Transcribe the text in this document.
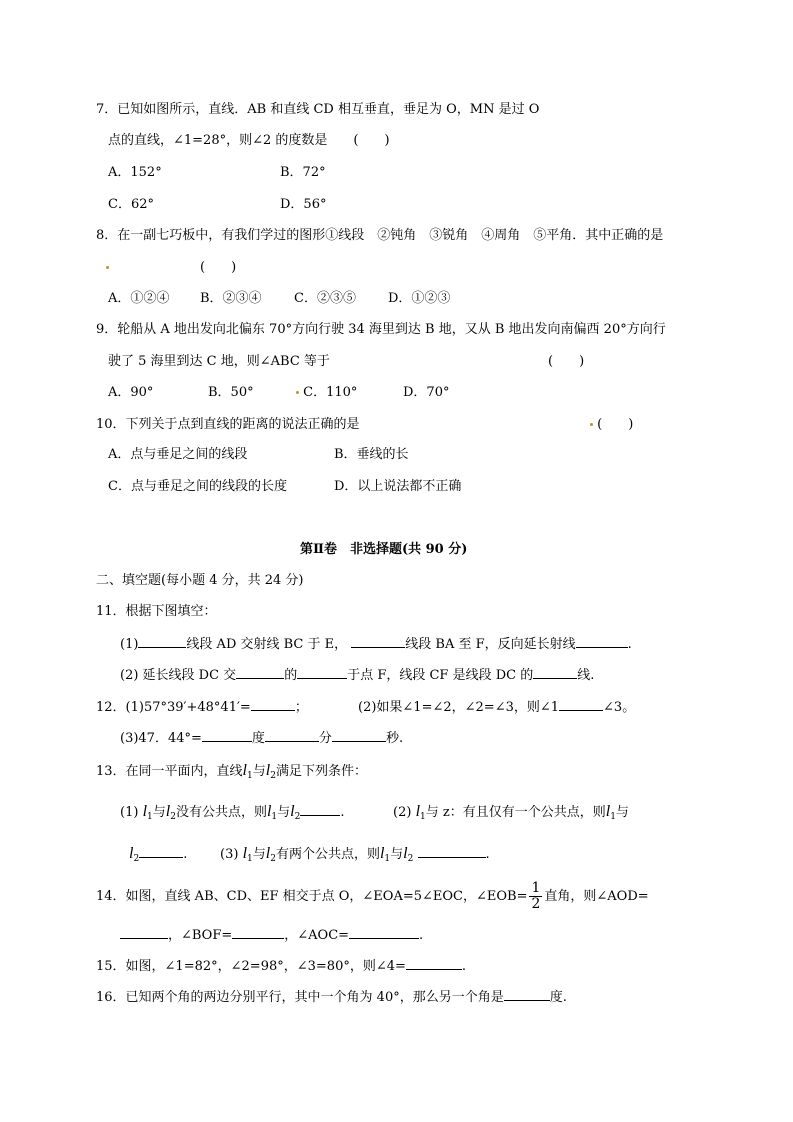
7．已知如图所示，直线．AB 和直线 CD 相互垂直，垂足为 O，MN 是过 O
点的直线，∠1=28°，则∠2 的度数是　　(　　)
A．152°	B．72°
C．62°	D．56°
8．在一副七巧板中，有我们学过的图形①线段　②钝角　③锐角　④周角　⑤平角．其中正确的是
(　　)
A．①②④ B．②③④ C．②③⑤ D．①②③
9．轮船从 A 地出发向北偏东 70°方向行驶 34 海里到达 B 地，又从 B 地出发向南偏西 20°方向行
驶了 5 海里到达 C 地，则∠ABC 等于	(　　)
A．90°	B．50°	C．110°	D．70°
10．下列关于点到直线的距离的说法正确的是	(　　)
A．点与垂足之间的线段	B．垂线的长
C．点与垂足之间的线段的长度	D．以上说法都不正确
第Ⅱ卷　非选择题(共 90 分)
二、填空题(每小题 4 分，共 24 分)
11．根据下图填空：
(1)	线段 AD 交射线 BC 于 E，	线段 BA 至 F，反向延长射线	.
(2) 延长线段 DC 交	的	于点 F，线段 CF 是线段 DC 的	线.
12．(1)57°39′+48°41′=	；	(2)如果∠1=∠2，∠2=∠3，则∠1	∠3。
(3)47．44°=	度	分	秒.
13．在同一平面内，直线$l_1$与$l_2$满足下列条件：
(1) $l_1$与$l_2$没有公共点，则$l_1$与$l_2$	.	(2) $l_1$与 z：有且仅有一个公共点，则$l_1$与
$l_2$	.	(3) $l_1$与$l_2$有两个公共点，则$l_1$与$l_2$	.
14．如图，直线 AB、CD、EF 相交于点 O，∠EOA=5∠EOC，∠EOB= $\frac{1}{2}$ 直角，则∠AOD=
，∠BOF=	，∠AOC=	.
15．如图，∠1=82°，∠2=98°，∠3=80°，则∠4=	.
16．已知两个角的两边分别平行，其中一个角为 40°，那么另一个角是	度.
